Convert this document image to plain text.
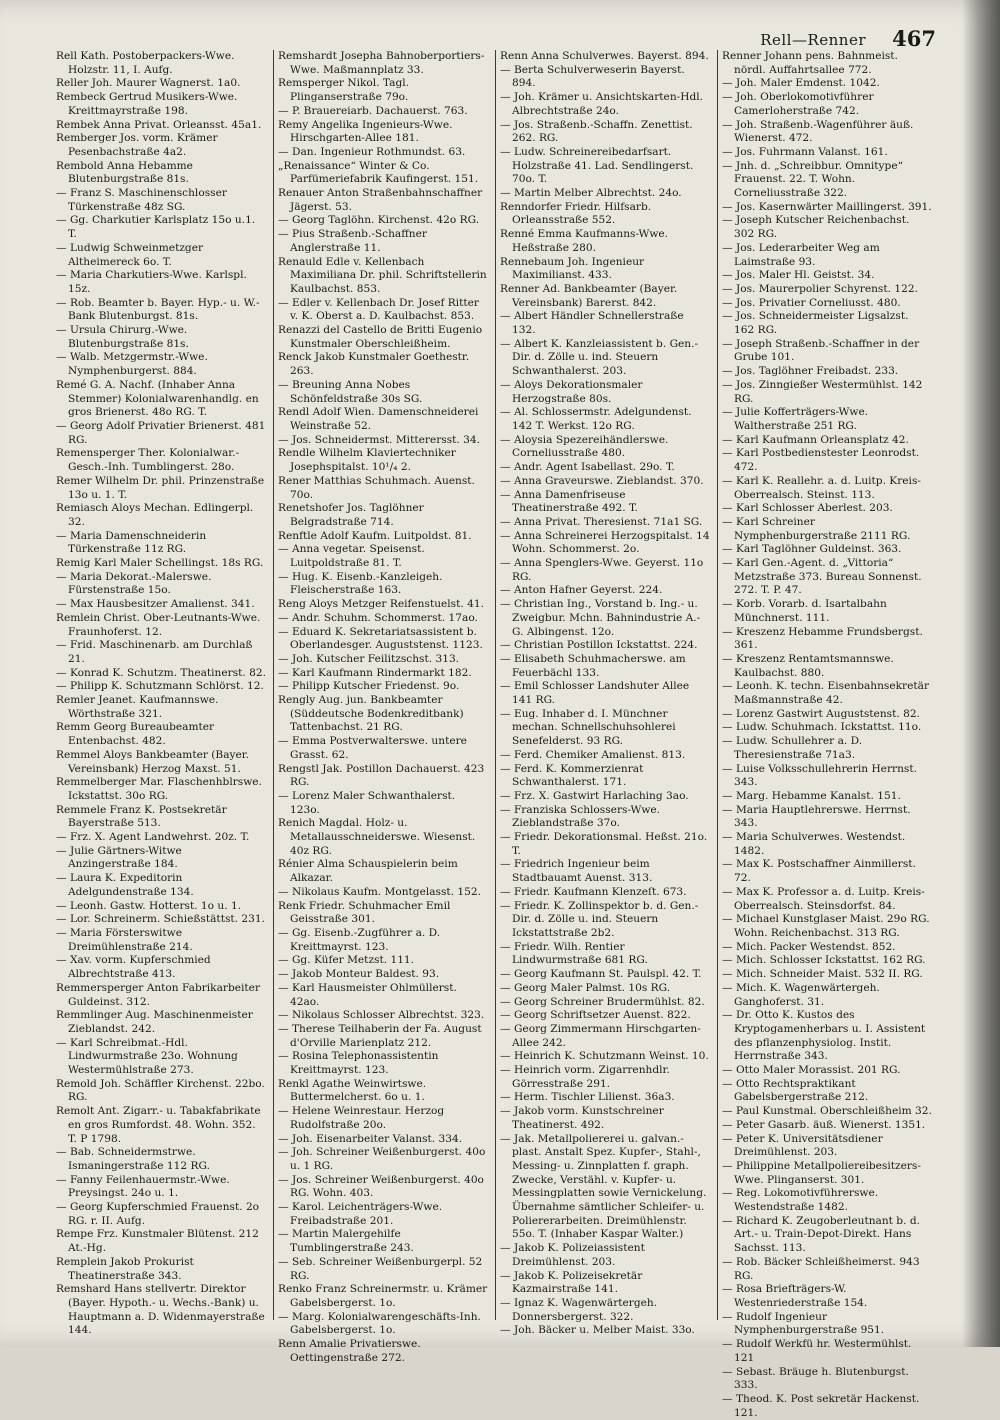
Rell—Renner 467

Rell Kath. Postoberpackers-Wwe. Holzstr. 11, I. Aufg.

Reller Joh. Maurer Wagnerst. 1a0.

Rembeck Gertrud Musikers-Wwe. Kreittmayrstraße 198.

Rembek Anna Privat. Orleansst. 45a1.

Remberger Jos. vorm. Krämer Pesenbachstraße 4a2.

Rembold Anna Hebamme Blutenburgstraße 81s.

— Franz S. Maschinenschlosser Türkenstraße 48z SG.

— Gg. Charkutier Karlsplatz 15o u.1. T.

— Ludwig Schweinmetzger Altheimereck 6o. T.

— Maria Charkutiers-Wwe. Karlspl. 15z.

— Rob. Beamter b. Bayer. Hyp.- u. W.-Bank Blutenburgst. 81s.

— Ursula Chirurg.-Wwe. Blutenburgstraße 81s.

— Walb. Metzgermstr.-Wwe. Nymphenburgerst. 884.

Remé G. A. Nachf. (Inhaber Anna Stemmer) Kolonialwarenhandlg. en gros Brienerst. 48o RG. T.

— Georg Adolf Privatier Brienerst. 481 RG.

Remensperger Ther. Kolonialwar.-Gesch.-Inh. Tumblingerst. 28o.

Remer Wilhelm Dr. phil. Prinzenstraße 13o u. 1. T.

Remiasch Aloys Mechan. Edlingerpl. 32.

— Maria Damenschneiderin Türkenstraße 11z RG.

Remig Karl Maler Schellingst. 18s RG.

— Maria Dekorat.-Malerswe. Fürstenstraße 15o.

— Max Hausbesitzer Amalienst. 341.

Remlein Christ. Ober-Leutnants-Wwe. Fraunhoferst. 12.

— Frid. Maschinenarb. am Durchlaß 21.

— Konrad K. Schutzm. Theatinerst. 82.

— Philipp K. Schutzmann Schlörst. 12.

Remler Jeanet. Kaufmannswe. Wörthstraße 321.

Remm Georg Bureaubeamter Entenbachst. 482.

Remmel Aloys Bankbeamter (Bayer. Vereinsbank) Herzog Maxst. 51.

Remmelberger Mar. Flaschenhblrswe. Ickstattst. 30o RG.

Remmele Franz K. Postsekretär Bayerstraße 513.

— Frz. X. Agent Landwehrst. 20z. T.

— Julie Gärtners-Witwe Anzingerstraße 184.

— Laura K. Expeditorin Adelgundenstraße 134.

— Leonh. Gastw. Hotterst. 1o u. 1.

— Lor. Schreinerm. Schießstättst. 231.

— Maria Försterswitwe Dreimühlenstraße 214.

— Xav. vorm. Kupferschmied Albrechtstraße 413.

Remmersperger Anton Fabrikarbeiter Guldeinst. 312.

Remmlinger Aug. Maschinenmeister Zieblandst. 242.

— Karl Schreibmat.-Hdl. Lindwurmstraße 23o. Wohnung Westermühlstraße 273.

Remold Joh. Schäffler Kirchenst. 22bo. RG.

Remolt Ant. Zigarr.- u. Tabakfabrikate en gros Rumfordst. 48. Wohn. 352. T. P 1798.

— Bab. Schneidermstrwe. Ismaningerstraße 112 RG.

— Fanny Feilenhauermstr.-Wwe. Preysingst. 24o u. 1.

— Georg Kupferschmied Frauenst. 2o RG. r. II. Aufg.

Rempe Frz. Kunstmaler Blütenst. 212 At.-Hg.

Remplein Jakob Prokurist Theatinerstraße 343.

Remshard Hans stellvertr. Direktor (Bayer. Hypoth.- u. Wechs.-Bank) u. Hauptmann a. D. Widenmayerstraße 144.

Remshardt Josepha Bahnoberportiers-Wwe. Maßmannplatz 33.

Remsperger Nikol. Tagl. Plinganserstraße 79o.

— P. Brauereiarb. Dachauerst. 763.

Remy Angelika Ingenieurs-Wwe. Hirschgarten-Allee 181.

— Dan. Ingenieur Rothmundst. 63.

„Renaissance“ Winter & Co. Parfümeriefabrik Kaufingerst. 151.

Renauer Anton Straßenbahnschaffner Jägerst. 53.

— Georg Taglöhn. Kirchenst. 42o RG.

— Pius Straßenb.-Schaffner Anglerstraße 11.

Renauld Edle v. Kellenbach Maximiliana Dr. phil. Schriftstellerin Kaulbachst. 853.

— Edler v. Kellenbach Dr. Josef Ritter v. K. Oberst a. D. Kaulbachst. 853.

Renazzi del Castello de Britti Eugenio Kunstmaler Oberschleißheim.

Renck Jakob Kunstmaler Goethestr. 263.

— Breuning Anna Nobes Schönfeldstraße 30s SG.

Rendl Adolf Wien. Damenschneiderei Weinstraße 52.

— Jos. Schneidermst. Mitterersst. 34.

Rendle Wilhelm Klaviertechniker Josephspitalst. 10¹/₄ 2.

Rener Matthias Schuhmach. Auenst. 70o.

Renetshofer Jos. Taglöhner Belgradstraße 714.

Renftle Adolf Kaufm. Luitpoldst. 81.

— Anna vegetar. Speisenst. Luitpoldstraße 81. T.

— Hug. K. Eisenb.-Kanzleigeh. Fleischerstraße 163.

Reng Aloys Metzger Reifenstuelst. 41.

— Andr. Schuhm. Schommerst. 17ao.

— Eduard K. Sekretariatsassistent b. Oberlandesger. Auguststenst. 1123.

— Joh. Kutscher Feilitzschst. 313.

— Karl Kaufmann Rindermarkt 182.

— Philipp Kutscher Friedenst. 9o.

Rengly Aug. jun. Bankbeamter (Süddeutsche Bodenkreditbank) Tattenbachst. 21 RG.

— Emma Postverwalterswe. untere Grasst. 62.

Rengstl Jak. Postillon Dachauerst. 423 RG.

— Lorenz Maler Schwanthalerst. 123o.

Renich Magdal. Holz- u. Metallausschneiderswe. Wiesenst. 40z RG.

Rénier Alma Schauspielerin beim Alkazar.

— Nikolaus Kaufm. Montgelasst. 152.

Renk Friedr. Schuhmacher Emil Geisstraße 301.

— Gg. Eisenb.-Zugführer a. D. Kreittmayrst. 123.

— Gg. Küfer Metzst. 111.

— Jakob Monteur Baldest. 93.

— Karl Hausmeister Ohlmüllerst. 42ao.

— Nikolaus Schlosser Albrechtst. 323.

— Therese Teilhaberin der Fa. August d'Orville Marienplatz 212.

— Rosina Telephonassistentin Kreittmayrst. 123.

Renkl Agathe Weinwirtswe. Buttermelcherst. 6o u. 1.

— Helene Weinrestaur. Herzog Rudolfstraße 20o.

— Joh. Eisenarbeiter Valanst. 334.

— Joh. Schreiner Weißenburgerst. 40o u. 1 RG.

— Jos. Schreiner Weißenburgerst. 40o RG. Wohn. 403.

— Karol. Leichenträgers-Wwe. Freibadstraße 201.

— Martin Malergehilfe Tumblingerstraße 243.

— Seb. Schreiner Weißenburgerpl. 52 RG.

Renko Franz Schreinermstr. u. Krämer Gabelsbergerst. 1o.

— Marg. Kolonialwarengeschäfts-Inh. Gabelsbergerst. 1o.

Renn Amalie Privatierswe. Oettingenstraße 272.

Renn Anna Schulverwes. Bayerst. 894.

— Berta Schulverweserin Bayerst. 894.

— Joh. Krämer u. Ansichtskarten-Hdl. Albrechtstraße 24o.

— Jos. Straßenb.-Schaffn. Zenettist. 262. RG.

— Ludw. Schreinereibedarfsart. Holzstraße 41. Lad. Sendlingerst. 70o. T.

— Martin Melber Albrechtst. 24o.

Renndorfer Friedr. Hilfsarb. Orleansstraße 552.

Renné Emma Kaufmanns-Wwe. Heßstraße 280.

Rennebaum Joh. Ingenieur Maximilianst. 433.

Renner Ad. Bankbeamter (Bayer. Vereinsbank) Barerst. 842.

— Albert Händler Schnellerstraße 132.

— Albert K. Kanzleiassistent b. Gen.-Dir. d. Zölle u. ind. Steuern Schwanthalerst. 203.

— Aloys Dekorationsmaler Herzogstraße 80s.

— Al. Schlossermstr. Adelgundenst. 142 T. Werkst. 12o RG.

— Aloysia Spezereihändlerswe. Corneliusstraße 480.

— Andr. Agent Isabellast. 29o. T.

— Anna Graveurswe. Zieblandst. 370.

— Anna Damenfriseuse Theatinerstraße 492. T.

— Anna Privat. Theresienst. 71a1 SG.

— Anna Schreinerei Herzogspitalst. 14 Wohn. Schommerst. 2o.

— Anna Spenglers-Wwe. Geyerst. 11o RG.

— Anton Hafner Geyerst. 224.

— Christian Ing., Vorstand b. Ing.- u. Zweigbur. Mchn. Bahnindustrie A.-G. Albingenst. 12o.

— Christian Postillon Ickstattst. 224.

— Elisabeth Schuhmacherswe. am Feuerbächl 133.

— Emil Schlosser Landshuter Allee 141 RG.

— Eug. Inhaber d. I. Münchner mechan. Schnellschuhsohlerei Senefelderst. 93 RG.

— Ferd. Chemiker Amalienst. 813.

— Ferd. K. Kommerzienrat Schwanthalerst. 171.

— Frz. X. Gastwirt Harlaching 3ao.

— Franziska Schlossers-Wwe. Zieblandstraße 37o.

— Friedr. Dekorationsmal. Heßst. 21o. T.

— Friedrich Ingenieur beim Stadtbauamt Auenst. 313.

— Friedr. Kaufmann Klenzeſt. 673.

— Friedr. K. Zollinspektor b. d. Gen.-Dir. d. Zölle u. ind. Steuern Ickstattstraße 2b2.

— Friedr. Wilh. Rentier Lindwurmstraße 681 RG.

— Georg Kaufmann St. Paulspl. 42. T.

— Georg Maler Palmst. 10s RG.

— Georg Schreiner Brudermühlst. 82.

— Georg Schriftsetzer Auenst. 822.

— Georg Zimmermann Hirschgarten-Allee 242.

— Heinrich K. Schutzmann Weinst. 10.

— Heinrich vorm. Zigarrenhdlr. Görresstraße 291.

— Herm. Tischler Lilienst. 36a3.

— Jakob vorm. Kunstschreiner Theatinerst. 492.

— Jak. Metallpoliererei u. galvan.-plast. Anstalt Spez. Kupfer-, Stahl-, Messing- u. Zinnplatten f. graph. Zwecke, Verstähl. v. Kupfer- u. Messingplatten sowie Vernickelung. Übernahme sämtlicher Schleifer- u. Poliererarbeiten. Dreimühlenstr. 55o. T. (Inhaber Kaspar Walter.)

— Jakob K. Polizeiassistent Dreimühlenst. 203.

— Jakob K. Polizeisekretär Kazmairstraße 141.

— Ignaz K. Wagenwärtergeh. Donnersbergerst. 322.

— Joh. Bäcker u. Melber Maist. 33o.

Renner Johann pens. Bahnmeist. nördl. Auffahrtsallee 772.

— Joh. Maler Emdenst. 1042.

— Joh. Oberlokomotivführer Camerloherstraße 742.

— Joh. Straßenb.-Wagenführer äuß. Wienerst. 472.

— Jos. Fuhrmann Valanst. 161.

— Jnh. d. „Schreibbur. Omnitype“ Frauenst. 22. T. Wohn. Corneliusstraße 322.

— Jos. Kasernwärter Maillingerst. 391.

— Joseph Kutscher Reichenbachst. 302 RG.

— Jos. Lederarbeiter Weg am Laimstraße 93.

— Jos. Maler Hl. Geistst. 34.

— Jos. Maurerpolier Schyrenst. 122.

— Jos. Privatier Corneliusst. 480.

— Jos. Schneidermeister Ligsalzst. 162 RG.

— Joseph Straßenb.-Schaffner in der Grube 101.

— Jos. Taglöhner Freibadst. 233.

— Jos. Zinngießer Westermühlst. 142 RG.

— Julie Kofferträgers-Wwe. Waltherstraße 251 RG.

— Karl Kaufmann Orleansplatz 42.

— Karl Postbedienstester Leonrodst. 472.

— Karl K. Reallehr. a. d. Luitp. Kreis-Oberrealsch. Steinst. 113.

— Karl Schlosser Aberlest. 203.

— Karl Schreiner Nymphenburgerstraße 2111 RG.

— Karl Taglöhner Guldeinst. 363.

— Karl Gen.-Agent. d. „Vittoria“ Metzstraße 373. Bureau Sonnenst. 272. T. P. 47.

— Korb. Vorarb. d. Isartalbahn Münchnerst. 111.

— Kreszenz Hebamme Frundsbergst. 361.

— Kreszenz Rentamtsmannswe. Kaulbachst. 880.

— Leonh. K. techn. Eisenbahnsekretär Maßmannstraße 42.

— Lorenz Gastwirt Auguststenst. 82.

— Ludw. Schuhmach. Ickstattst. 11o.

— Ludw. Schullehrer a. D. Theresienstraße 71a3.

— Luise Volksschullehrerin Herrnst. 343.

— Marg. Hebamme Kanalst. 151.

— Maria Hauptlehrerswe. Herrnst. 343.

— Maria Schulverwes. Westendst. 1482.

— Max K. Postschaffner Ainmillerst. 72.

— Max K. Professor a. d. Luitp. Kreis-Oberrealsch. Steinsdorfst. 84.

— Michael Kunstglaser Maist. 29o RG. Wohn. Reichenbachst. 313 RG.

— Mich. Packer Westendst. 852.

— Mich. Schlosser Ickstattst. 162 RG.

— Mich. Schneider Maist. 532 II. RG.

— Mich. K. Wagenwärtergeh. Ganghoferst. 31.

— Dr. Otto K. Kustos des Kryptogamenherbars u. I. Assistent des pflanzenphysiolog. Instit. Herrnstraße 343.

— Otto Maler Morassist. 201 RG.

— Otto Rechtspraktikant Gabelsbergerstraße 212.

— Paul Kunstmal. Oberschleißheim 32.

— Peter Gasarb. äuß. Wienerst. 1351.

— Peter K. Universitätsdiener Dreimühlenst. 203.

— Philippine Metallpoliereibesitzers-Wwe. Plinganserst. 301.

— Reg. Lokomotivführerswe. Westendstraße 1482.

— Richard K. Zeugoberleutnant b. d. Art.- u. Train-Depot-Direkt. Hans Sachsst. 113.

— Rob. Bäcker Schleißheimerst. 943 RG.

— Rosa Briefträgers-W. Westenriederstraße 154.

— Rudolf Ingenieur Nymphenburgerstraße 951.

— Rudolf Werkfü hr. Westermühlst. 121

— Sebast. Bräuge h. Blutenburgst. 333.

— Theod. K. Post sekretär Hackenst. 121.
